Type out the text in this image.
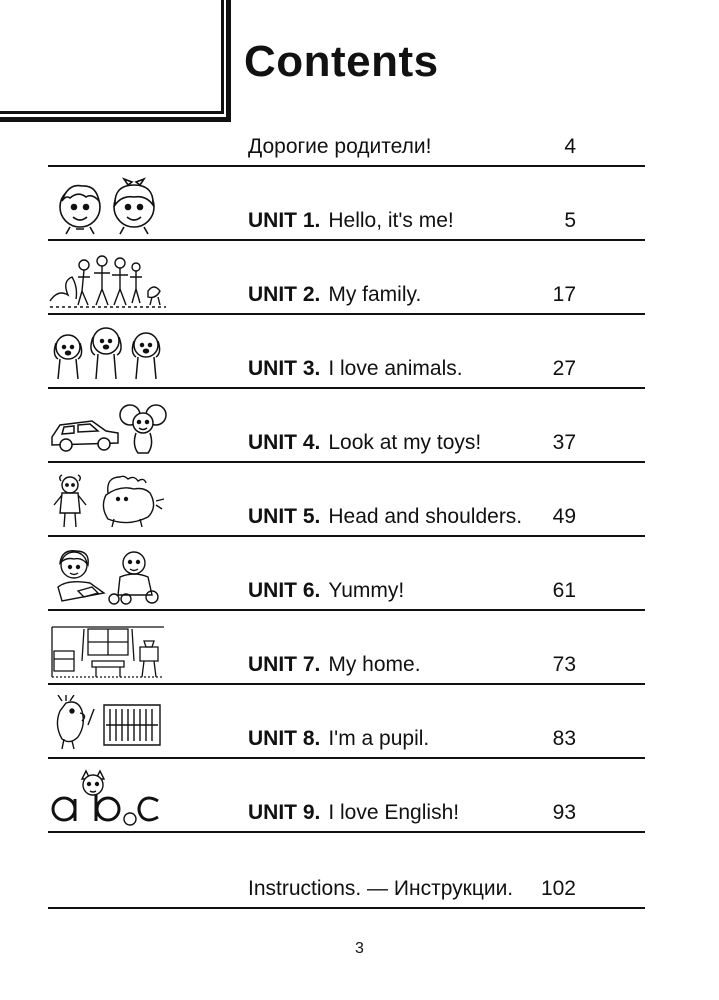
Contents
Дорогие родители!	4
UNIT 1. Hello, it's me!	5
UNIT 2. My family.	17
UNIT 3. I love animals.	27
UNIT 4. Look at my toys!	37
UNIT 5. Head and shoulders. 49
UNIT 6. Yummy!	61
UNIT 7. My home.	73
UNIT 8. I'm a pupil.	83
UNIT 9. I love English!	93
Instructions. — Инструкции. 102
3
